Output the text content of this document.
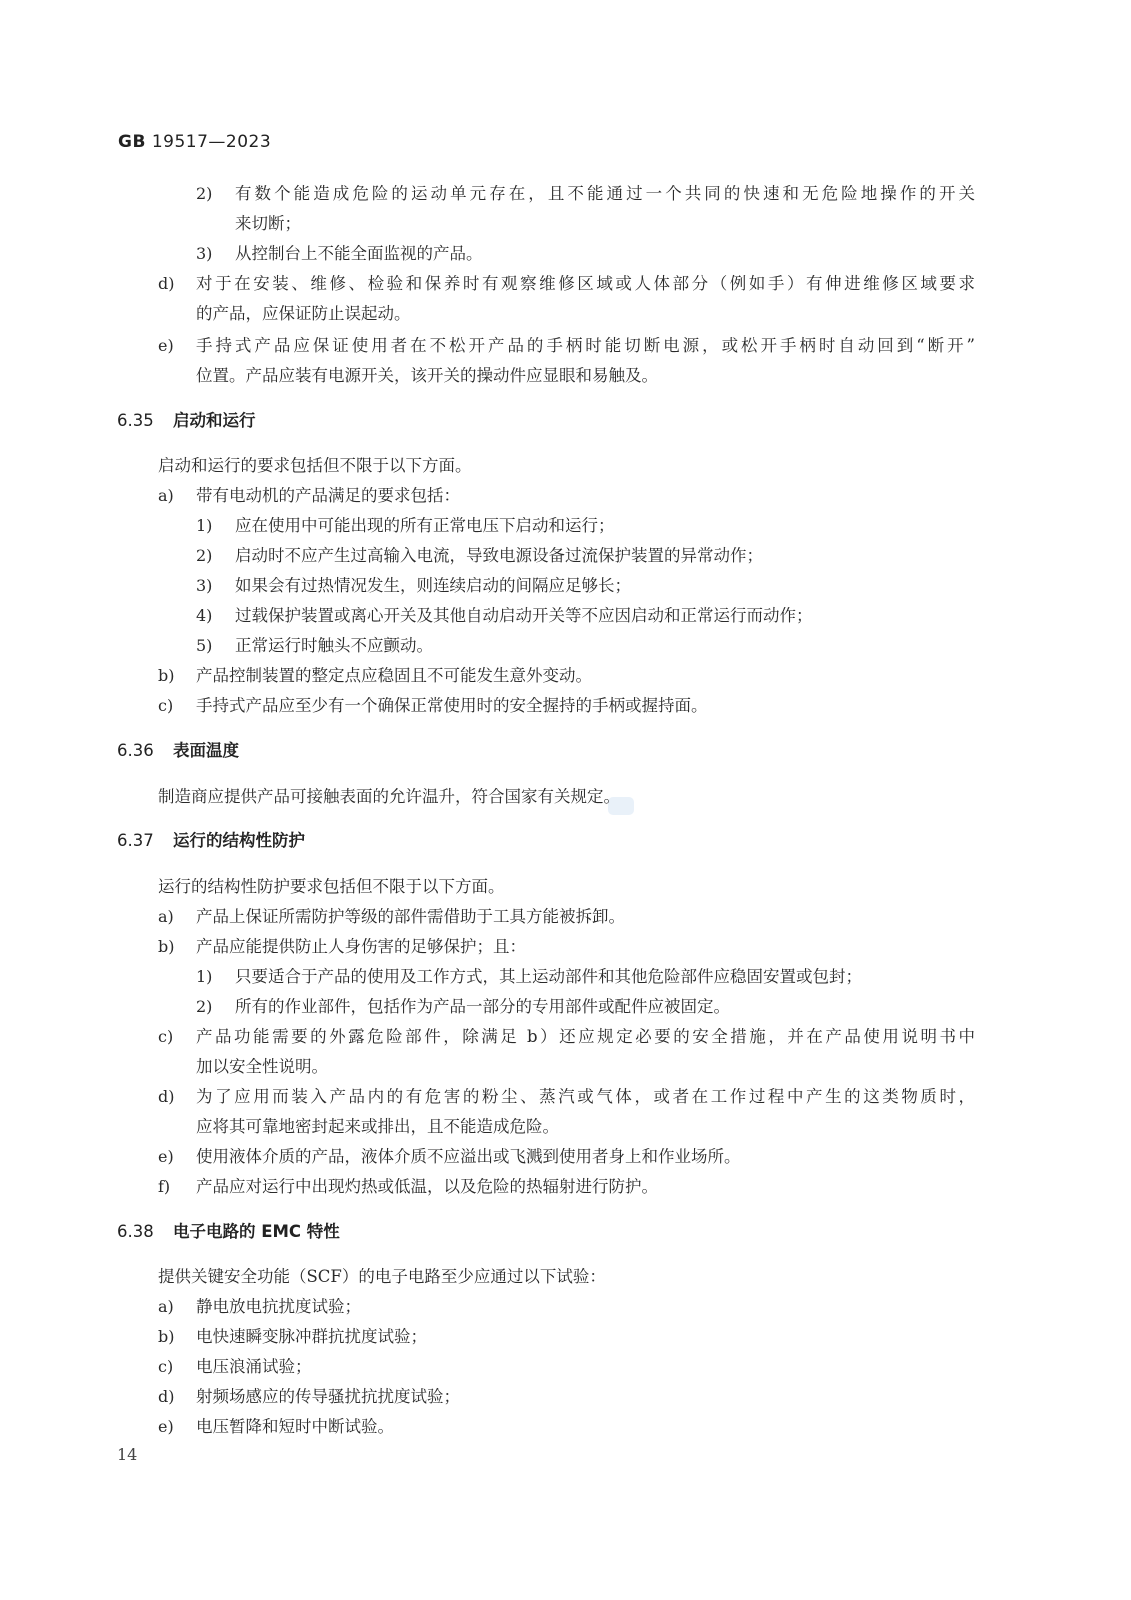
GB 19517—2023
2) 有数个能造成危险的运动单元存在，且不能通过一个共同的快速和无危险地操作的开关
来切断；
3) 从控制台上不能全面监视的产品。
d) 对于在安装、维修、检验和保养时有观察维修区域或人体部分（例如手）有伸进维修区域要求
的产品，应保证防止误起动。
e) 手持式产品应保证使用者在不松开产品的手柄时能切断电源，或松开手柄时自动回到“断开”
位置。产品应装有电源开关，该开关的操动件应显眼和易触及。
6.35 启动和运行
启动和运行的要求包括但不限于以下方面。
a) 带有电动机的产品满足的要求包括：
1) 应在使用中可能出现的所有正常电压下启动和运行；
2) 启动时不应产生过高输入电流，导致电源设备过流保护装置的异常动作；
3) 如果会有过热情况发生，则连续启动的间隔应足够长；
4) 过载保护装置或离心开关及其他自动启动开关等不应因启动和正常运行而动作；
5) 正常运行时触头不应颤动。
b) 产品控制装置的整定点应稳固且不可能发生意外变动。
c) 手持式产品应至少有一个确保正常使用时的安全握持的手柄或握持面。
6.36 表面温度
制造商应提供产品可接触表面的允许温升，符合国家有关规定。
6.37 运行的结构性防护
运行的结构性防护要求包括但不限于以下方面。
a) 产品上保证所需防护等级的部件需借助于工具方能被拆卸。
b) 产品应能提供防止人身伤害的足够保护；且：
1) 只要适合于产品的使用及工作方式，其上运动部件和其他危险部件应稳固安置或包封；
2) 所有的作业部件，包括作为产品一部分的专用部件或配件应被固定。
c) 产品功能需要的外露危险部件，除满足 b）还应规定必要的安全措施，并在产品使用说明书中
加以安全性说明。
d) 为了应用而装入产品内的有危害的粉尘、蒸汽或气体，或者在工作过程中产生的这类物质时，
应将其可靠地密封起来或排出，且不能造成危险。
e) 使用液体介质的产品，液体介质不应溢出或飞溅到使用者身上和作业场所。
f) 产品应对运行中出现灼热或低温，以及危险的热辐射进行防护。
6.38 电子电路的 EMC 特性
提供关键安全功能（SCF）的电子电路至少应通过以下试验：
a) 静电放电抗扰度试验；
b) 电快速瞬变脉冲群抗扰度试验；
c) 电压浪涌试验；
d) 射频场感应的传导骚扰抗扰度试验；
e) 电压暂降和短时中断试验。
14
